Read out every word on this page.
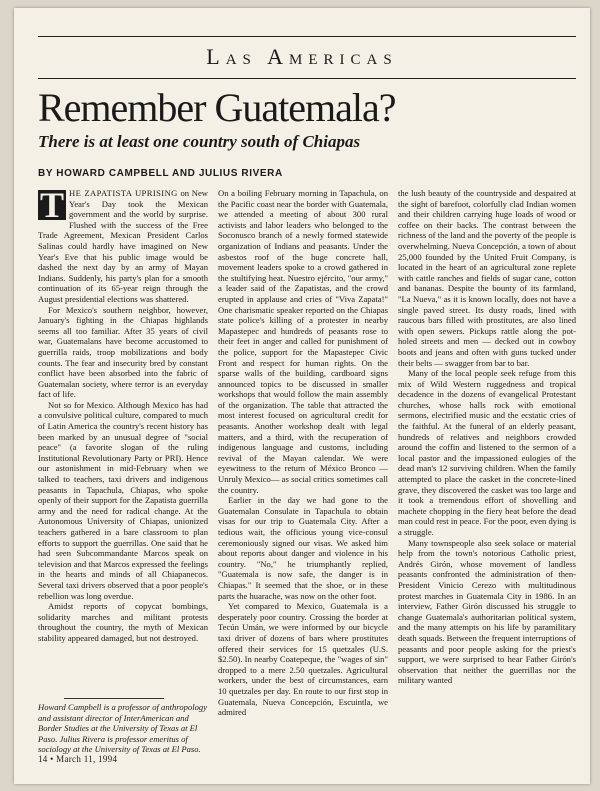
Las Americas
Remember Guatemala?
There is at least one country south of Chiapas
BY HOWARD CAMPBELL AND JULIUS RIVERA

T HE ZAPATISTA UPRISING on New Year's Day took the Mexican government and the world by surprise. Flushed with the success of the Free Trade Agreement, Mexican President Carlos Salinas could hardly have imagined on New Year's Eve that his public image would be dashed the next day by an army of Mayan Indians. Suddenly, his party's plan for a smooth continuation of its 65-year reign through the August presidential elections was shattered.

For Mexico's southern neighbor, however, January's fighting in the Chiapas highlands seems all too familiar. After 35 years of civil war, Guatemalans have become accustomed to guerrilla raids, troop mobilizations and body counts. The fear and insecurity bred by constant conflict have been absorbed into the fabric of Guatemalan society, where terror is an everyday fact of life.

Not so for Mexico. Although Mexico has had a convulsive political culture, compared to much of Latin America the country's recent history has been marked by an unusual degree of "social peace" (a favorite slogan of the ruling Institutional Revolutionary Party or PRI). Hence our astonishment in mid-February when we talked to teachers, taxi drivers and indigenous peasants in Tapachula, Chiapas, who spoke openly of their support for the Zapatista guerrilla army and the need for radical change. At the Autonomous University of Chiapas, unionized teachers gathered in a bare classroom to plan efforts to support the guerrillas. One said that he had seen Subcommandante Marcos speak on television and that Marcos expressed the feelings in the hearts and minds of all Chiapanecos. Several taxi drivers observed that a poor people's rebellion was long overdue.

Amidst reports of copycat bombings, solidarity marches and militant protests throughout the country, the myth of Mexican stability appeared damaged, but not destroyed.

Howard Campbell is a professor of anthropology and assistant director of InterAmerican and Border Studies at the University of Texas at El Paso. Julius Rivera is professor emeritus of sociology at the University of Texas at El Paso.
14 • March 11, 1994

On a boiling February morning in Tapachula, on the Pacific coast near the border with Guatemala, we attended a meeting of about 300 rural activists and labor leaders who belonged to the Soconusco branch of a newly formed statewide organization of Indians and peasants. Under the asbestos roof of the huge concrete hall, movement leaders spoke to a crowd gathered in the stultifying heat. Nuestro ejército, "our army," a leader said of the Zapatistas, and the crowd erupted in applause and cries of "Viva Zapata!" One charismatic speaker reported on the Chiapas state police's killing of a protester in nearby Mapastepec and hundreds of peasants rose to their feet in anger and called for punishment of the police, support for the Mapastepec Civic Front and respect for human rights. On the sparse walls of the building, cardboard signs announced topics to be discussed in smaller workshops that would follow the main assembly of the organization. The table that attracted the most interest focused on agricultural credit for peasants. Another workshop dealt with legal matters, and a third, with the recuperation of indigenous language and customs, including revival of the Mayan calendar. We were eyewitness to the return of México Bronco — Unruly Mexico— as social critics sometimes call the country.

Earlier in the day we had gone to the Guatemalan Consulate in Tapachula to obtain visas for our trip to Guatemala City. After a tedious wait, the officious young vice-consul ceremoniously signed our visas. We asked him about reports about danger and violence in his country. "No," he triumphantly replied, "Guatemala is now safe, the danger is in Chiapas." It seemed that the shoe, or in these parts the huarache, was now on the other foot.

Yet compared to Mexico, Guatemala is a desperately poor country. Crossing the border at Tecún Umán, we were informed by our bicycle taxi driver of dozens of bars where prostitutes offered their services for 15 quetzales (U.S. $2.50). In nearby Coatepeque, the "wages of sin" dropped to a mere 2.50 quetzales. Agricultural workers, under the best of circumstances, earn 10 quetzales per day. En route to our first stop in Guatemala, Nueva Concepción, Escuintla, we admired

the lush beauty of the countryside and despaired at the sight of barefoot, colorfully clad Indian women and their children carrying huge loads of wood or coffee on their backs. The contrast between the richness of the land and the poverty of the people is overwhelming. Nueva Concepción, a town of about 25,000 founded by the United Fruit Company, is located in the heart of an agricultural zone replete with cattle ranches and fields of sugar cane, cotton and bananas. Despite the bounty of its farmland, "La Nueva," as it is known locally, does not have a single paved street. Its dusty roads, lined with raucous bars filled with prostitutes, are also lined with open sewers. Pickups rattle along the pot-holed streets and men — decked out in cowboy boots and jeans and often with guns tucked under their belts — swagger from bar to bar.

Many of the local people seek refuge from this mix of Wild Western ruggedness and tropical decadence in the dozens of evangelical Protestant churches, whose halls rock with emotional sermons, electrified music and the ecstatic cries of the faithful. At the funeral of an elderly peasant, hundreds of relatives and neighbors crowded around the coffin and listened to the sermon of a local pastor and the impassioned eulogies of the dead man's 12 surviving children. When the family attempted to place the casket in the concrete-lined grave, they discovered the casket was too large and it took a tremendous effort of shovelling and machete chopping in the fiery heat before the dead man could rest in peace. For the poor, even dying is a struggle.

Many townspeople also seek solace or material help from the town's notorious Catholic priest, Andrés Girón, whose movement of landless peasants confronted the administration of then-President Vinicio Cerezo with multitudinous protest marches in Guatemala City in 1986. In an interview, Father Girón discussed his struggle to change Guatemala's authoritarian political system, and the many attempts on his life by paramilitary death squads. Between the frequent interruptions of peasants and poor people asking for the priest's support, we were surprised to hear Father Girón's observation that neither the guerrillas nor the military wanted
